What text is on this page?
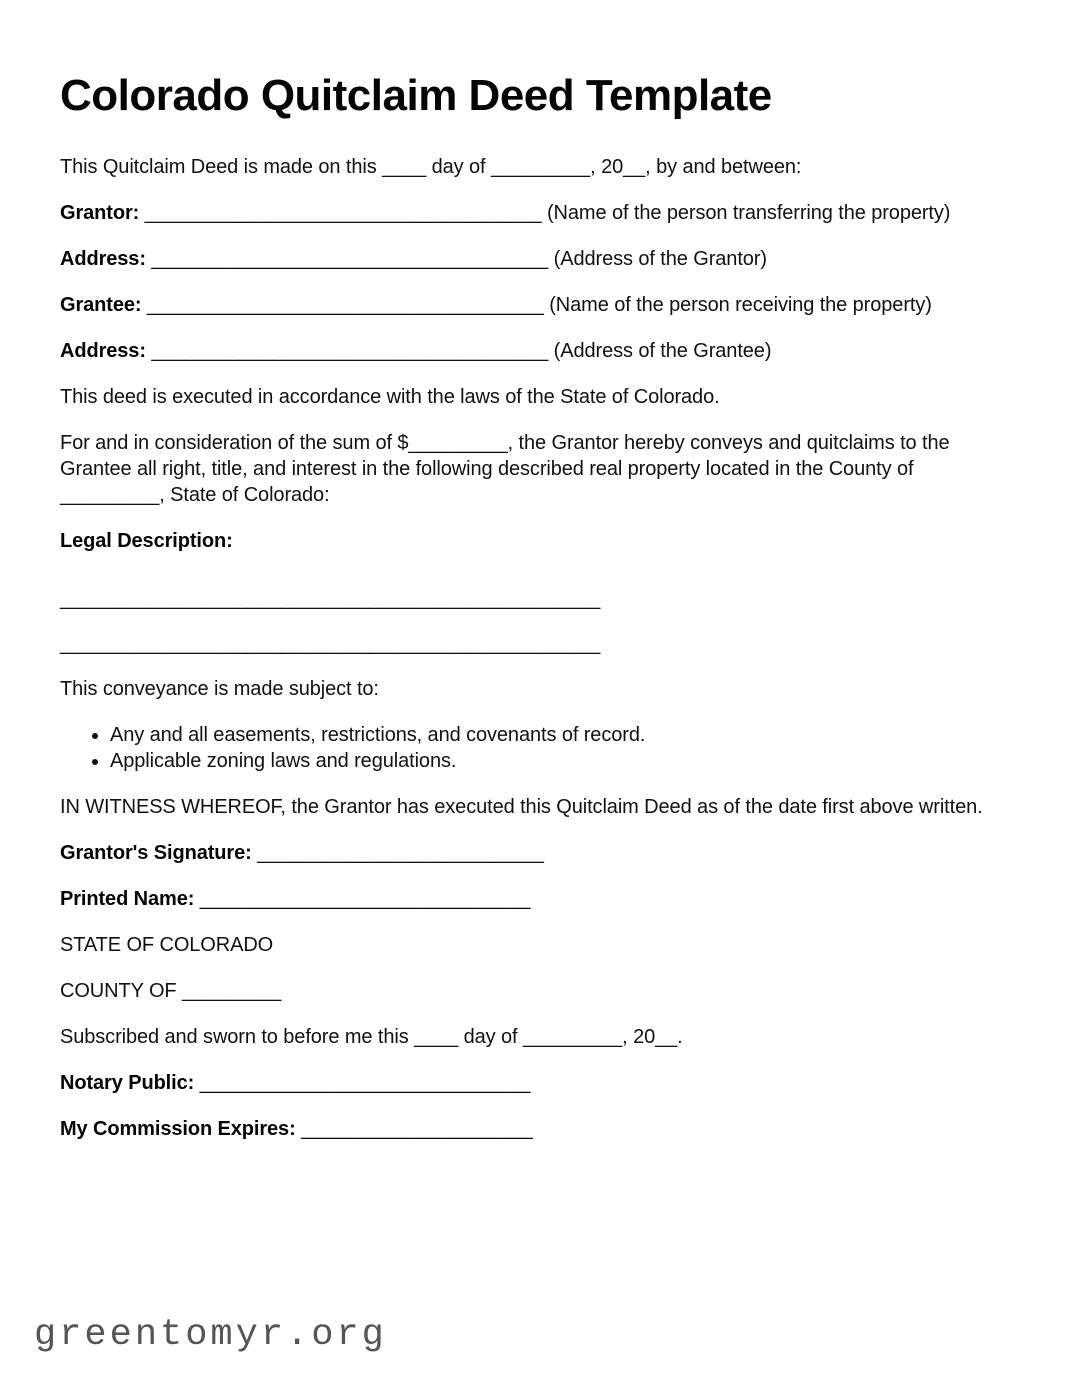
Colorado Quitclaim Deed Template

This Quitclaim Deed is made on this ____ day of _________, 20__, by and between:

Grantor: ____________________________________ (Name of the person transferring the property)

Address: ____________________________________ (Address of the Grantor)

Grantee: ____________________________________ (Name of the person receiving the property)

Address: ____________________________________ (Address of the Grantee)

This deed is executed in accordance with the laws of the State of Colorado.

For and in consideration of the sum of $_________, the Grantor hereby conveys and quitclaims to the Grantee all right, title, and interest in the following described real property located in the County of _________, State of Colorado:

Legal Description:

_________________________________________________

_________________________________________________

This conveyance is made subject to:

• Any and all easements, restrictions, and covenants of record.
• Applicable zoning laws and regulations.

IN WITNESS WHEREOF, the Grantor has executed this Quitclaim Deed as of the date first above written.

Grantor's Signature: __________________________

Printed Name: ______________________________

STATE OF COLORADO

COUNTY OF _________

Subscribed and sworn to before me this ____ day of _________, 20__.

Notary Public: ______________________________

My Commission Expires: _____________________

greentomyr.org
